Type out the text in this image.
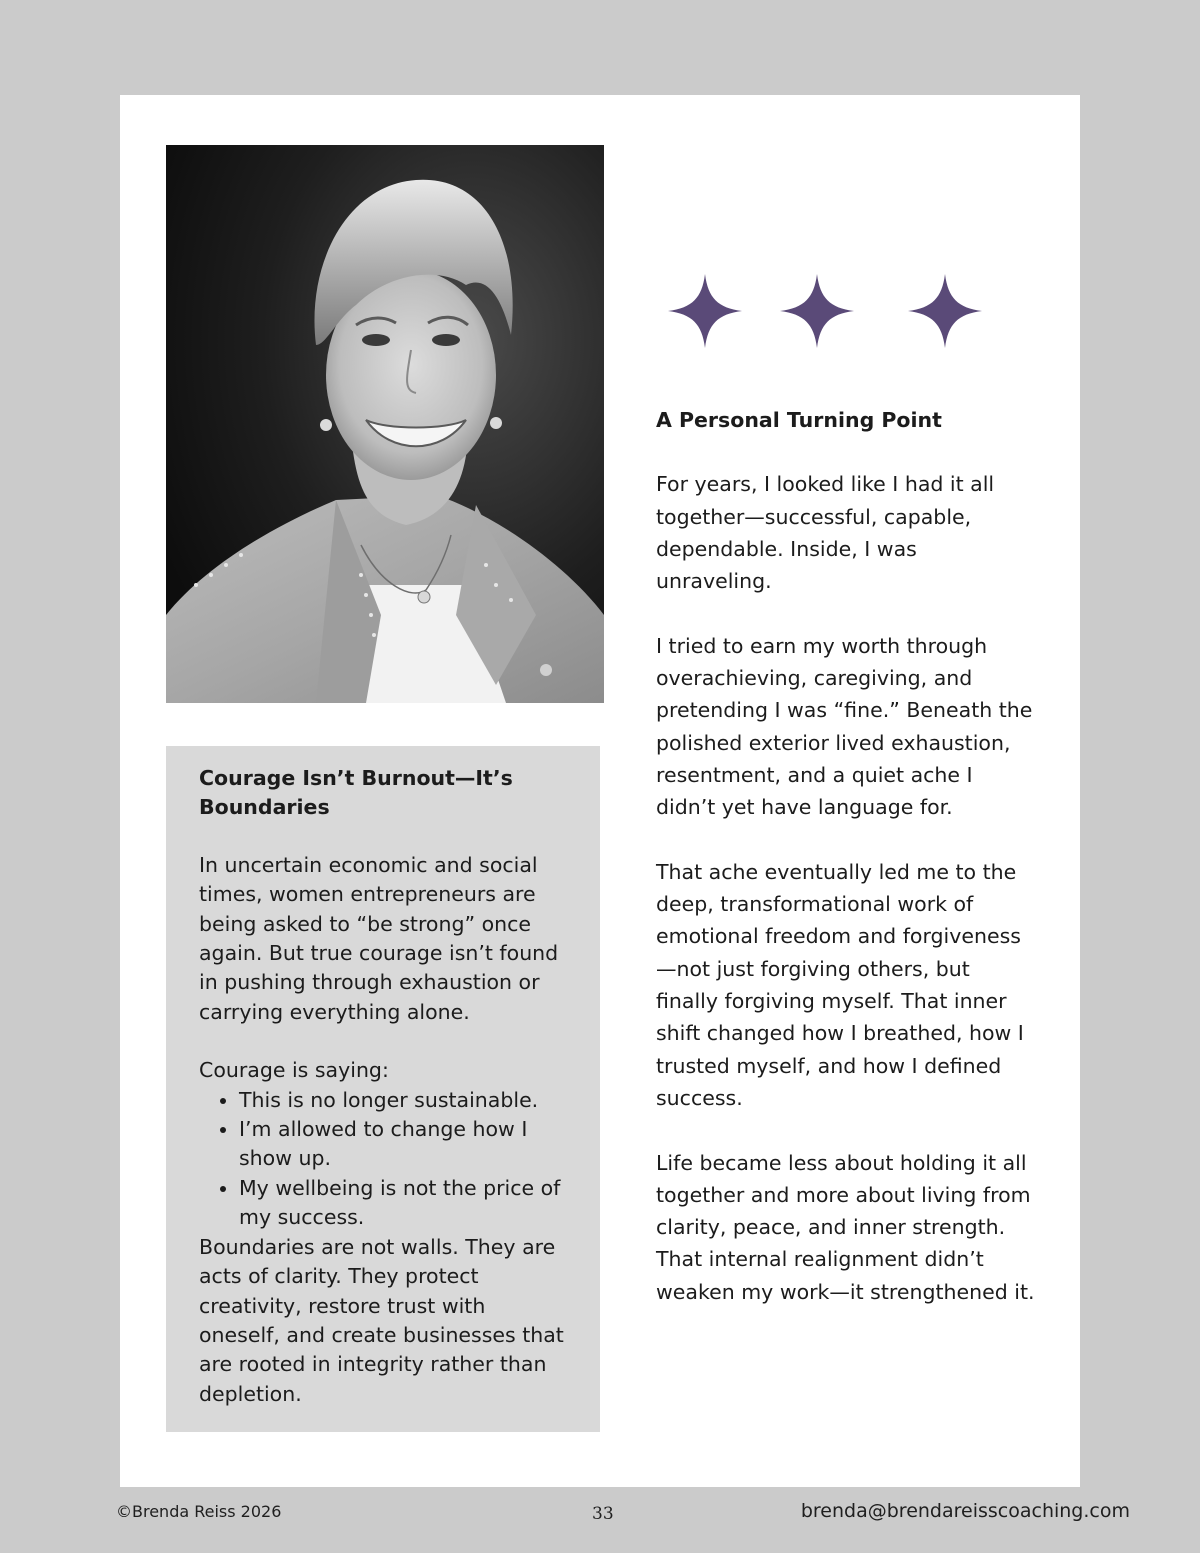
Courage Isn’t Burnout—It’s Boundaries

In uncertain economic and social times, women entrepreneurs are being asked to “be strong” once again. But true courage isn’t found in pushing through exhaustion or carrying everything alone.

Courage is saying:

• This is no longer sustainable.
• I’m allowed to change how I show up.
• My wellbeing is not the price of my success.

Boundaries are not walls. They are acts of clarity. They protect creativity, restore trust with oneself, and create businesses that are rooted in integrity rather than depletion.

A Personal Turning Point

For years, I looked like I had it all together—successful, capable, dependable. Inside, I was unraveling.

I tried to earn my worth through overachieving, caregiving, and pretending I was “fine.” Beneath the polished exterior lived exhaustion, resentment, and a quiet ache I didn’t yet have language for.

That ache eventually led me to the deep, transformational work of emotional freedom and forgiveness—not just forgiving others, but finally forgiving myself. That inner shift changed how I breathed, how I trusted myself, and how I defined success.

Life became less about holding it all together and more about living from clarity, peace, and inner strength. That internal realignment didn’t weaken my work—it strengthened it.

©Brenda Reiss 2026	33	brenda@brendareisscoaching.com
